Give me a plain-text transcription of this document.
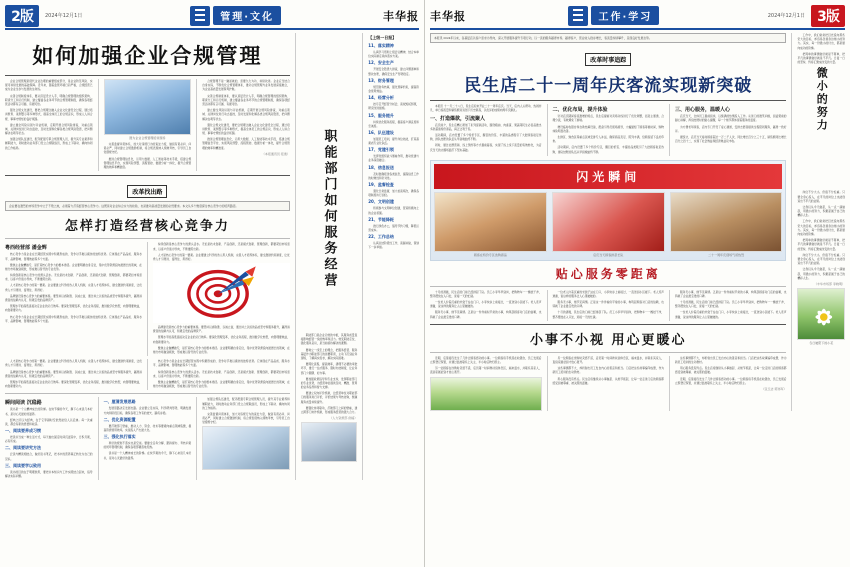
2版	2024年12月1日	管理·文化	丰华报
如何加强企业合规管理

企业合规管理是现代企业治理的重要组成部分，是企业防范风险、实现可持续发展的基础保障。近年来，随着监管环境日趋严格，合规经营已成为企业生存与发展的生命线。

完善合规制度体系，要从顶层设计入手，明确合规管理的组织架构、职责分工和运行机制，建立覆盖各业务环节的合规管理制度，确保各项经营活动都有章可循、有据可依。

强化合规文化建设，要把合规理念融入企业文化建设全过程，通过培训教育、案例警示等多种形式，提高全体员工的合规意识，形成人人讲合规、事事守规矩的良好氛围。

建立健全风险识别与评估机制，定期开展合规风险排查，对重点领域、关键岗位进行动态监控，及时发现和化解各类合规风险隐患，把问题解决在萌芽状态。

加强合规队伍建设，配齐配强专职合规管理人员，提升其专业素养和履职能力，同时推动业务部门设立合规联络员，形成上下联动、横向协同的工作格局。

图为企业合规管理培训现场

完善监督问责体系，加大对违规行为的查处力度，做到有责必问、问责必严，同时建立合规激励机制，将合规表现纳入绩效考核，引导员工自觉遵规守纪。

推进合规管理信息化，运用大数据、人工智能等技术手段，搭建合规管理信息平台，实现风险预警、流程管控、数据分析一体化，提升合规管理的效率和精准度。

合规管理不是一蹴而就的，需要久久为功、持续改进。企业应当结合自身实际，不断优化合规管理体系，推动合规管理与业务发展深度融合，为企业高质量发展保驾护航。

完善合规制度体系，要从顶层设计入手，明确合规管理的组织架构、职责分工和运行机制，建立覆盖各业务环节的合规管理制度，确保各项经营活动都有章可循、有据可依。

建立健全风险识别与评估机制，定期开展合规风险排查，对重点领域、关键岗位进行动态监控，及时发现和化解各类合规风险隐患，把问题解决在萌芽状态。

强化合规文化建设，要把合规理念融入企业文化建设全过程，通过培训教育、案例警示等多种形式，提高全体员工的合规意识，形成人人讲合规、事事守规矩的良好氛围。

推进合规管理信息化，运用大数据、人工智能等技术手段，搭建合规管理信息平台，实现风险预警、流程管控、数据分析一体化，提升合规管理的效率和精准度。

（本报通讯员 报道）
改革找出路
企业要在激烈的市场竞争中立于不败之地，必须着力打造经营核心竞争力。这既是对企业综合实力的检验，也是推动高质量发展的必然要求。本文从多个维度探讨核心竞争力的培育路径。
怎样打造经营核心竞争力
粤西经营部 潘金辉

核心竞争力是企业在长期经营实践中积累形成的、竞争对手难以模仿的独特优势。它体现在产品品质、服务水平、品牌影响、管理效能等多个方面。

聚焦主业做精做专，是打造核心竞争力的根本途径。企业要明确自身定位，集中优势资源投向最擅长的领域，在细分市场做到极致，形成难以替代的专业优势。

持续创新是核心竞争力的源头活水。无论是技术创新、产品创新，还是模式创新、管理创新，都要紧扣市场需求，以客户价值为导向，不断推陈出新。

人才是核心竞争力的第一要素。企业要建立科学的选人用人机制，完善人才培养体系，健全激励约束制度，让优秀人才引得进、留得住、用得好。

品牌建设是核心竞争力的重要体现。要坚持以质取胜、以诚立信，通过持之以恒的品质坚守和服务提升，赢得消费者的信赖与认可，积累宝贵的品牌资产。

管理水平的高低直接决定企业的运行效率。要深化管理变革，优化业务流程，推进数字化转型，向管理要效益，向创新要动力。

核心竞争力是企业在长期经营实践中积累形成的、竞争对手难以模仿的独特优势。它体现在产品品质、服务水平、品牌影响、管理效能等多个方面。

持续创新是核心竞争力的源头活水。无论是技术创新、产品创新，还是模式创新、管理创新，都要紧扣市场需求，以客户价值为导向，不断推陈出新。

人才是核心竞争力的第一要素。企业要建立科学的选人用人机制，完善人才培养体系，健全激励约束制度，让优秀人才引得进、留得住、用得好。

品牌建设是核心竞争力的重要体现。要坚持以质取胜、以诚立信，通过持之以恒的品质坚守和服务提升，赢得消费者的信赖与认可，积累宝贵的品牌资产。

管理水平的高低直接决定企业的运行效率。要深化管理变革，优化业务流程，推进数字化转型，向管理要效益，向创新要动力。

聚焦主业做精做专，是打造核心竞争力的根本途径。企业要明确自身定位，集中优势资源投向最擅长的领域，在细分市场做到极致，形成难以替代的专业优势。

人才是核心竞争力的第一要素。企业要建立科学的选人用人机制，完善人才培养体系，健全激励约束制度，让优秀人才引得进、留得住、用得好。

品牌建设是核心竞争力的重要体现。要坚持以质取胜、以诚立信，通过持之以恒的品质坚守和服务提升，赢得消费者的信赖与认可，积累宝贵的品牌资产。

管理水平的高低直接决定企业的运行效率。要深化管理变革，优化业务流程，推进数字化转型，向管理要效益，向创新要动力。

核心竞争力是企业在长期经营实践中积累形成的、竞争对手难以模仿的独特优势。它体现在产品品质、服务水平、品牌影响、管理效能等多个方面。

持续创新是核心竞争力的源头活水。无论是技术创新、产品创新，还是模式创新、管理创新，都要紧扣市场需求，以客户价值为导向，不断推陈出新。

聚焦主业做精做专，是打造核心竞争力的根本途径。企业要明确自身定位，集中优势资源投向最擅长的领域，在细分市场做到极致，形成难以替代的专业优势。

瞬间阅读 沉稳路

读书是一个人精神成长的阶梯。在快节奏的今天，静下心来读几本好书，是对心灵最好的滋养。

经典之所以为经典，在于它穿越时空依然能给人以启迪。每一次重读，都会有新的感悟和收获。

一、阅读要养成习惯

把读书当成一种生活方式，每天抽出固定时间沉浸其中，日积月累，必有所成。

二、阅读要讲究方法

泛读与精读相结合，做好读书笔记，把书中的营养真正转化为自己的见识。

三、阅读要学以致用

读书的目的在于明理致用，要把书本知识与工作实践结合起来，指导解决实际问题。

一、厘清发展思路

发展思路决定发展出路。企业要立足实际，科学研判形势，明确发展方向和阶段目标，确保各项工作有的放矢、蹄疾步稳。

二、优化资源配置

要打破部门壁垒，推动人力、资金、技术等要素向重点领域集聚，提高资源使用效率，实现投入产出最大化。

三、强化执行落实

再好的规划不落实也是空谈。要健全任务分解、跟踪督办、考核问责的闭环管理机制，确保各项部署落地见效。

读书是一个人精神成长的阶梯。在快节奏的今天，静下心来读几本好书，是对心灵最好的滋养。

加强合规队伍建设，配齐配强专职合规管理人员，提升其专业素养和履职能力，同时推动业务部门设立合规联络员，形成上下联动、横向协同的工作格局。

完善监督问责体系，加大对违规行为的查处力度，做到有责必问、问责必严，同时建立合规激励机制，将合规表现纳入绩效考核，引导员工自觉遵规守纪。

职能部门如何服务经营

职能部门是企业运转的中枢，其服务质量直接影响经营一线的效率和活力。转变职能定位，强化服务意识，是当前亟待解决的课题。

要树立一线至上的理念，把服务经营、服务基层作为职能部门的首要职责，主动下沉到业务现场，了解真实需求，解决实际困难。

要简化流程、提高效率，清理不必要的审批环节，推行一站式服务、限时办结制度，让业务部门少跑腿、好办事。

要加强政策指导和专业支持，发挥职能部门的专业优势，为经营单位提供及时、精准、管用的业务指导和智力支撑。

要建立双向评价机制，让经营单位对职能部门的服务进行评价，评价结果与考核挂钩，倒逼服务质量持续提升。

要强化协同联动，打破部门之间的壁垒，建立跨部门协作机制，形成服务经营的强大合力。

（人力资源部 供稿）
【上级一日报】
11、落实精神

认真学习贯彻上级会议精神，结合本单位实际制定具体落实方案。

12、安全生产

开展安全隐患大排查，建立问题清单和整改台账，确保安全生产形势稳定。

13、财务管理

规范财务核算，强化预算约束，提高资金使用效益。

14、经营分析

按月召开经营分析会，查找短板弱项，研究改进措施。

15、服务提升

持续优化服务流程，提高客户满意度和忠诚度。

16、队伍建设

加强员工培训，提升岗位技能，打造高素质专业化队伍。

17、党建引领

发挥党组织战斗堡垒作用，推动党建与业务深度融合。

18、信息报送

及时准确报送各类信息，提高信息工作的时效性和针对性。

19、监督检查

强化日常监督，加大检查频次，确保各项制度执行到位。

20、文明创建

积极参与文明单位创建，营造积极向上的企业氛围。

21、节能降耗

推行绿色办公，倡导节约习惯，降低运营成本。

22、工作总结

认真总结阶段性工作，查漏补缺，谋划下一步举措。

丰华报	工作·学习	2024年12月1日 3版
本报讯 2024年以来，各基层店以客户需求为导向，深入开展服务提升专项行动，以一流的服务赢得市场、赢得客户，营业收入稳步增长，客流量持续攀升，呈现良好发展态势。
改革时事追踪
民生店二十一周年庆客流实现新突破

本报讯 十一月二十八日，民生店迎来开业二十一周年店庆。当天，店内人头攒动、热闹非凡，单日客流量和销售额双双创下历史新高，以优异的成绩向周年庆献礼。

一、打造爆款，引流聚人

店庆前夕，民生店精心策划了系列促销活动，围绕粮油、肉禽蛋、果蔬等民生必需品推出多款超值特价商品，真正让利于民。

活动期间，店内设置了多个特价专区，醒目的价签、丰富的品类吸引了大批顾客驻足选购，排队结账的队伍从早到晚始终不断。

同时，通过社群营销、线上预约等方式提前蓄客，实现了线上线下流量的有效转化，为店庆当天的火爆场面打下坚实基础。

二、优化布局，提升体验

针对店庆期间客流激增的特点，民生店提前对卖场动线进行了优化调整，拓宽主通道，合理分流，有效避免了拥堵。

增设临时收银台和自助结算设备，配备引导员现场疏导，大幅缩短了顾客等候时间，购物体验明显改善。

生鲜区、熟食区等重点区域安排专人补货，确保商品充足、陈列丰满，给顾客留下良好印象。

活动期间，店内设置了多个特价专区，醒目的价签、丰富的品类吸引了大批顾客驻足选购，排队结账的队伍从早到晚始终不断。

三、用心服务，温暖人心

店庆当天，全体员工提前到岗，以饱满的热情投入工作。从进门的微笑问候，到货架前的耐心讲解，再到结账时的贴心提醒，每一个细节都体现着服务的温度。

为方便老年顾客，店内专门开设了爱心通道，安排志愿者提供全程陪同服务，赢得一致好评。

据统计，店庆当天接待顾客超过一万二千人次，同比增长百分之三十五，销售额同比增长百分之四十二，实现了社会效益和经济效益双丰收。

闪光瞬间
顾客在特价专区选购商品	店庆当天顾客排起长队	二十一周年庆现场气氛热烈
贴心服务零距离

十月的清晨，民生店的门前已经排起了队。员工小李早早到岗，把购物车一一擦拭干净，整齐摆放在入口处，迎接一天的忙碌。

一位老人拎着沉重的米袋子站在门口，小李快步上前接过，一直送到小区楼下。老人连声道谢，说这样的服务让人心里暖暖的。

服务无小事，细节见真情。正是这一件件看似平常的小事，构筑起顾客对门店的信赖，也铸就了企业最宝贵的口碑。

一位老人拎着沉重的米袋子站在门口，小李快步上前接过，一直送到小区楼下。老人连声道谢，说这样的服务让人心里暖暖的。

服务无小事，细节见真情。正是这一件件看似平常的小事，构筑起顾客对门店的信赖，也铸就了企业最宝贵的口碑。

十月的清晨，民生店的门前已经排起了队。员工小李早早到岗，把购物车一一擦拭干净，整齐摆放在入口处，迎接一天的忙碌。

服务无小事，细节见真情。正是这一件件看似平常的小事，构筑起顾客对门店的信赖，也铸就了企业最宝贵的口碑。

十月的清晨，民生店的门前已经排起了队。员工小李早早到岗，把购物车一一擦拭干净，整齐摆放在入口处，迎接一天的忙碌。

一位老人拎着沉重的米袋子站在门口，小李快步上前接过，一直送到小区楼下。老人连声道谢，说这样的服务让人心里暖暖的。

小事不小视 用心更暖心

近期，店里接连发生了几件让顾客感动的小事。一位顾客将手机落在收银台，员工发现后立即登记保管，并通过监控联系上失主，半小时后物归原主。

另一位顾客在选购时突感不适，店员第一时间搀扶到休息区，端来温水，并联系其家人，直到家属赶到才放心离开。

另一位顾客在选购时突感不适，店员第一时间搀扶到休息区，端来温水，并联系其家人，直到家属赶到才放心离开。

这些事情都不大，却折射出员工发自内心的善意和担当。门店把这些故事编印成册，作为新员工培训的生动教材。

用心服务没有终点。民生店将继续从小事做起、从细节抓起，让每一位走进门店的顾客都感受到被尊重、被关照的温暖。

这些事情都不大，却折射出员工发自内心的善意和担当。门店把这些故事编印成册，作为新员工培训的生动教材。

用心服务没有终点。民生店将继续从小事做起、从细节抓起，让每一位走进门店的顾客都感受到被尊重、被关照的温暖。

近期，店里接连发生了几件让顾客感动的小事。一位顾客将手机落在收银台，员工发现后立即登记保管，并通过监控联系上失主，半小时后物归原主。

（张玉洁 郭伟军）

工作中，我们常常把目光投向那些宏大的目标，却容易忽视身边细小的努力。其实，每一份微小的付出，都是通向成功的阶梯。

把简单的事情做好就是不简单，把平凡的事情做好就是不平凡。日复一日的坚持，终将汇聚成改变的力量。

微小的努力

岗位不分大小，价值不分轻重。只要全身心投入，在平凡的岗位上也能创造出不平凡的业绩。

让我们从今天做起，从一点一滴做起，用微小的努力，积累起属于自己的精彩人生。

工作中，我们常常把目光投向那些宏大的目标，却容易忽视身边细小的努力。其实，每一份微小的付出，都是通向成功的阶梯。

把简单的事情做好就是不简单，把平凡的事情做好就是不平凡。日复一日的坚持，终将汇聚成改变的力量。

岗位不分大小，价值不分轻重。只要全身心投入，在平凡的岗位上也能创造出不平凡的业绩。

让我们从今天做起，从一点一滴做起，用微小的努力，积累起属于自己的精彩人生。

（丰华市场部 李晓明）
冬日暖阳下的小花
